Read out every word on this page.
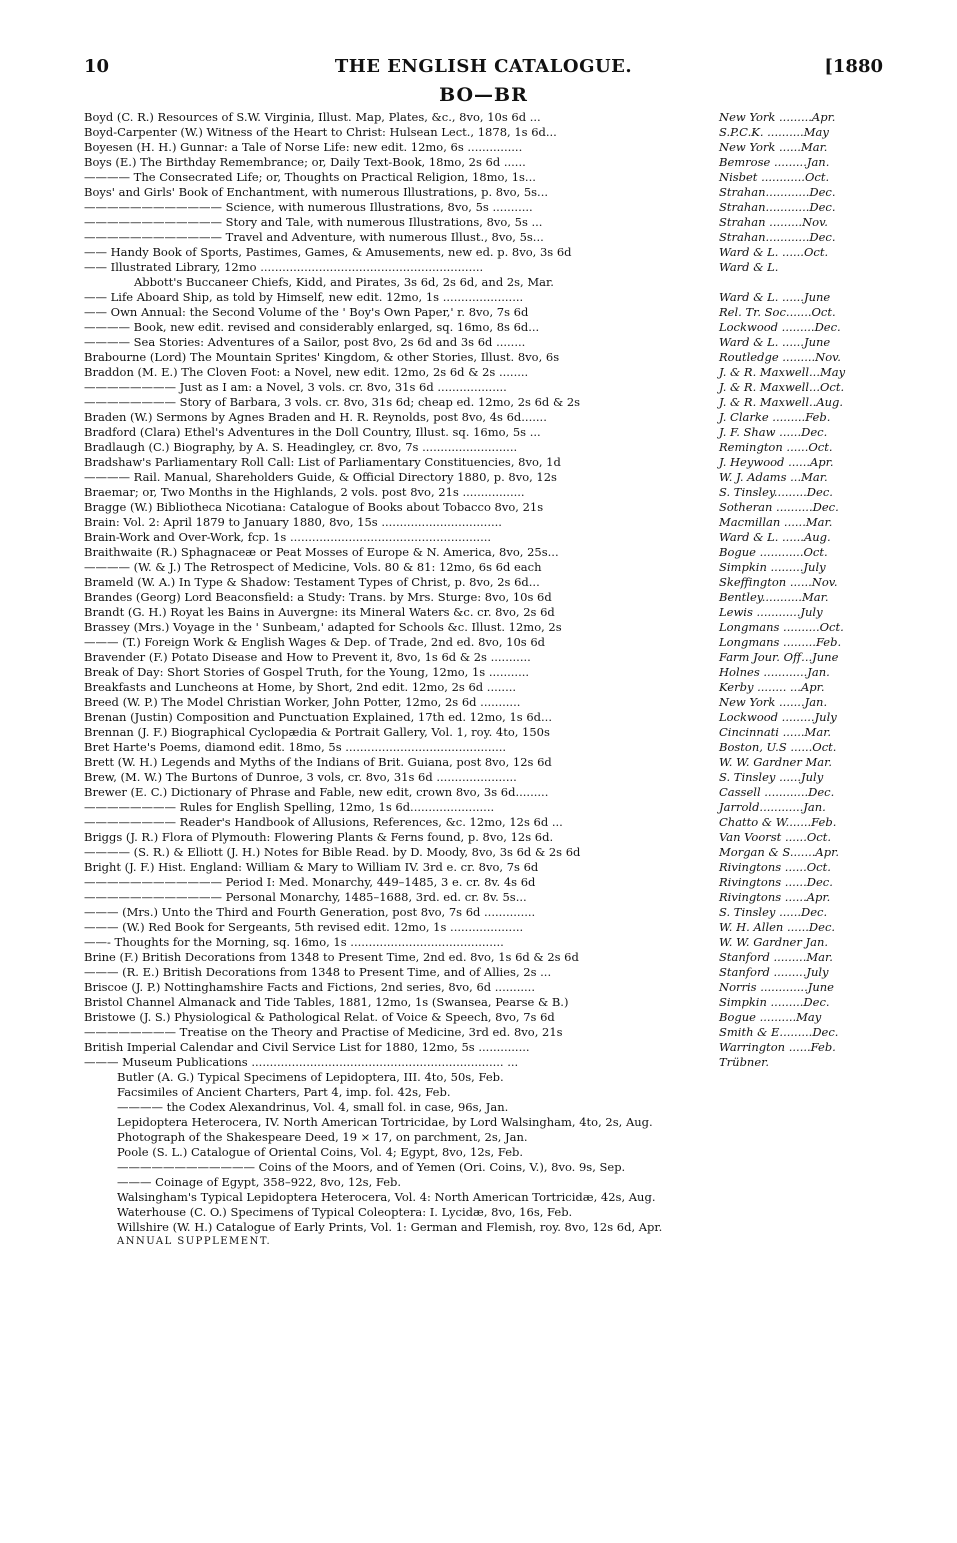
10	THE ENGLISH CATALOGUE.	[1880
BO—BR
Boyd (C. R.) Resources of S.W. Virginia, Illust. Map, Plates, &c., 8vo, 10s 6d ...	New York .........Apr.
Boyd-Carpenter (W.) Witness of the Heart to Christ: Hulsean Lect., 1878, 1s 6d...	S.P.C.K. ..........May
Boyesen (H. H.) Gunnar: a Tale of Norse Life: new edit. 12mo, 6s ...............	New York ......Mar.
Boys (E.) The Birthday Remembrance; or, Daily Text-Book, 18mo, 2s 6d ......	Bemrose .........Jan.
———— The Consecrated Life; or, Thoughts on Practical Religion, 18mo, 1s...	Nisbet ............Oct.
Boys' and Girls' Book of Enchantment, with numerous Illustrations, p. 8vo, 5s...	Strahan............Dec.
———————————— Science, with numerous Illustrations, 8vo, 5s ...........	Strahan............Dec.
———————————— Story and Tale, with numerous Illustrations, 8vo, 5s ...	Strahan .........Nov.
———————————— Travel and Adventure, with numerous Illust., 8vo, 5s...	Strahan............Dec.
—— Handy Book of Sports, Pastimes, Games, & Amusements, new ed. p. 8vo, 3s 6d	Ward & L. ......Oct.
—— Illustrated Library, 12mo .............................................................	Ward & L.
Abbott's Buccaneer Chiefs, Kidd, and Pirates, 3s 6d, 2s 6d, and 2s, Mar.
—— Life Aboard Ship, as told by Himself, new edit. 12mo, 1s ......................	Ward & L. ......June
—— Own Annual: the Second Volume of the ' Boy's Own Paper,' r. 8vo, 7s 6d	Rel. Tr. Soc.......Oct.
———— Book, new edit. revised and considerably enlarged, sq. 16mo, 8s 6d...	Lockwood .........Dec.
———— Sea Stories: Adventures of a Sailor, post 8vo, 2s 6d and 3s 6d ........	Ward & L. ......June
Brabourne (Lord) The Mountain Sprites' Kingdom, & other Stories, Illust. 8vo, 6s	Routledge .........Nov.
Braddon (M. E.) The Cloven Foot: a Novel, new edit. 12mo, 2s 6d & 2s ........	J. & R. Maxwell...May
———————— Just as I am: a Novel, 3 vols. cr. 8vo, 31s 6d ...................	J. & R. Maxwell...Oct.
———————— Story of Barbara, 3 vols. cr. 8vo, 31s 6d; cheap ed. 12mo, 2s 6d & 2s	J. & R. Maxwell..Aug.
Braden (W.) Sermons by Agnes Braden and H. R. Reynolds, post 8vo, 4s 6d.......	J. Clarke .........Feb.
Bradford (Clara) Ethel's Adventures in the Doll Country, Illust. sq. 16mo, 5s ...	J. F. Shaw ......Dec.
Bradlaugh (C.) Biography, by A. S. Headingley, cr. 8vo, 7s ..........................	Remington ......Oct.
Bradshaw's Parliamentary Roll Call: List of Parliamentary Constituencies, 8vo, 1d	J. Heywood ......Apr.
———— Rail. Manual, Shareholders Guide, & Official Directory 1880, p. 8vo, 12s	W. J. Adams ...Mar.
Braemar; or, Two Months in the Highlands, 2 vols. post 8vo, 21s .................	S. Tinsley.........Dec.
Bragge (W.) Bibliotheca Nicotiana: Catalogue of Books about Tobacco 8vo, 21s	Sotheran ..........Dec.
Brain: Vol. 2: April 1879 to January 1880, 8vo, 15s .................................	Macmillan ......Mar.
Brain-Work and Over-Work, fcp. 1s .......................................................	Ward & L. ......Aug.
Braithwaite (R.) Sphagnaceæ or Peat Mosses of Europe & N. America, 8vo, 25s...	Bogue ............Oct.
———— (W. & J.) The Retrospect of Medicine, Vols. 80 & 81: 12mo, 6s 6d each	Simpkin .........July
Brameld (W. A.) In Type & Shadow: Testament Types of Christ, p. 8vo, 2s 6d...	Skeffington ......Nov.
Brandes (Georg) Lord Beaconsfield: a Study: Trans. by Mrs. Sturge: 8vo, 10s 6d	Bentley...........Mar.
Brandt (G. H.) Royat les Bains in Auvergne: its Mineral Waters &c. cr. 8vo, 2s 6d	Lewis ............July
Brassey (Mrs.) Voyage in the ' Sunbeam,' adapted for Schools &c. Illust. 12mo, 2s	Longmans ..........Oct.
——— (T.) Foreign Work & English Wages & Dep. of Trade, 2nd ed. 8vo, 10s 6d	Longmans .........Feb.
Bravender (F.) Potato Disease and How to Prevent it, 8vo, 1s 6d & 2s ...........	Farm Jour. Off...June
Break of Day: Short Stories of Gospel Truth, for the Young, 12mo, 1s ...........	Holnes ............Jan.
Breakfasts and Luncheons at Home, by Short, 2nd edit. 12mo, 2s 6d ........	Kerby ........ ...Apr.
Breed (W. P.) The Model Christian Worker, John Potter, 12mo, 2s 6d ...........	New York .......Jan.
Brenan (Justin) Composition and Punctuation Explained, 17th ed. 12mo, 1s 6d...	Lockwood .........July
Brennan (J. F.) Biographical Cyclopædia & Portrait Gallery, Vol. 1, roy. 4to, 150s	Cincinnati ......Mar.
Bret Harte's Poems, diamond edit. 18mo, 5s ............................................	Boston, U.S ......Oct.
Brett (W. H.) Legends and Myths of the Indians of Brit. Guiana, post 8vo, 12s 6d	W. W. Gardner Mar.
Brew, (M. W.) The Burtons of Dunroe, 3 vols, cr. 8vo, 31s 6d ......................	S. Tinsley ......July
Brewer (E. C.) Dictionary of Phrase and Fable, new edit, crown 8vo, 3s 6d.........	Cassell ............Dec.
———————— Rules for English Spelling, 12mo, 1s 6d.......................	Jarrold............Jan.
———————— Reader's Handbook of Allusions, References, &c. 12mo, 12s 6d ...	Chatto & W.......Feb.
Briggs (J. R.) Flora of Plymouth: Flowering Plants & Ferns found, p. 8vo, 12s 6d.	Van Voorst ......Oct.
———— (S. R.) & Elliott (J. H.) Notes for Bible Read. by D. Moody, 8vo, 3s 6d & 2s 6d	Morgan & S.......Apr.
Bright (J. F.) Hist. England: William & Mary to William IV. 3rd e. cr. 8vo, 7s 6d	Rivingtons ......Oct.
———————————— Period I: Med. Monarchy, 449–1485, 3 e. cr. 8v. 4s 6d	Rivingtons ......Dec.
———————————— Personal Monarchy, 1485–1688, 3rd. ed. cr. 8v. 5s...	Rivingtons ......Apr.
——— (Mrs.) Unto the Third and Fourth Generation, post 8vo, 7s 6d ..............	S. Tinsley ......Dec.
——— (W.) Red Book for Sergeants, 5th revised edit. 12mo, 1s ....................	W. H. Allen ......Dec.
——- Thoughts for the Morning, sq. 16mo, 1s ..........................................	W. W. Gardner Jan.
Brine (F.) British Decorations from 1348 to Present Time, 2nd ed. 8vo, 1s 6d & 2s 6d	Stanford .........Mar.
——— (R. E.) British Decorations from 1348 to Present Time, and of Allies, 2s ...	Stanford .........July
Briscoe (J. P.) Nottinghamshire Facts and Fictions, 2nd series, 8vo, 6d ...........	Norris .............June
Bristol Channel Almanack and Tide Tables, 1881, 12mo, 1s (Swansea, Pearse & B.)	Simpkin .........Dec.
Bristowe (J. S.) Physiological & Pathological Relat. of Voice & Speech, 8vo, 7s 6d	Bogue ..........May
———————— Treatise on the Theory and Practise of Medicine, 3rd ed. 8vo, 21s	Smith & E.........Dec.
British Imperial Calendar and Civil Service List for 1880, 12mo, 5s ..............	Warrington ......Feb.
——— Museum Publications ..................................................................... ...	Trübner.
Butler (A. G.) Typical Specimens of Lepidoptera, III. 4to, 50s, Feb.
Facsimiles of Ancient Charters, Part 4, imp. fol. 42s, Feb.
———— the Codex Alexandrinus, Vol. 4, small fol. in case, 96s, Jan.
Lepidoptera Heterocera, IV. North American Tortricidae, by Lord Walsingham, 4to, 2s, Aug.
Photograph of the Shakespeare Deed, 19 × 17, on parchment, 2s, Jan.
Poole (S. L.) Catalogue of Oriental Coins, Vol. 4; Egypt, 8vo, 12s, Feb.
———————————— Coins of the Moors, and of Yemen (Ori. Coins, V.), 8vo. 9s, Sep.
——— Coinage of Egypt, 358–922, 8vo, 12s, Feb.
Walsingham's Typical Lepidoptera Heterocera, Vol. 4: North American Tortricidæ, 42s, Aug.
Waterhouse (C. O.) Specimens of Typical Coleoptera: I. Lycidæ, 8vo, 16s, Feb.
Willshire (W. H.) Catalogue of Early Prints, Vol. 1: German and Flemish, roy. 8vo, 12s 6d, Apr.
ANNUAL SUPPLEMENT.
